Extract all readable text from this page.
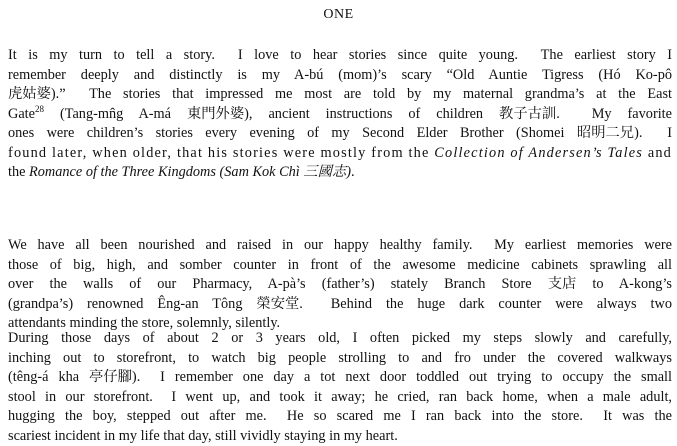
ONE
It is my turn to tell a story.  I love to hear stories since quite young.  The earliest story I
remember deeply and distinctly is my A-bú (mom)’s scary “Old Auntie Tigress (Hó Ko-pô
虎姑婆).”  The stories that impressed me most are told by my maternal grandma’s at the East
Gate$^{28}$ (Tang-mn̂g A-má 東門外婆), ancient instructions of children 教子古訓.  My favorite
ones were children’s stories every evening of my Second Elder Brother (Shomei 昭明二兄).  I
found later, when older, that his stories were mostly from the Collection of Andersen’s Tales and
the Romance of the Three Kingdoms (Sam Kok Chì 三國志).
We have all been nourished and raised in our happy healthy family.  My earliest memories were
those of big, high, and somber counter in front of the awesome medicine cabinets sprawling all
over the walls of our Pharmacy, A-pà’s (father’s) stately Branch Store 支店 to A-kong’s
(grandpa’s) renowned Êng-an Tông 榮安堂.  Behind the huge dark counter were always two
attendants minding the store, solemnly, silently.
During those days of about 2 or 3 years old, I often picked my steps slowly and carefully,
inching out to storefront, to watch big people strolling to and fro under the covered walkways
(têng-á kha 亭仔腳).  I remember one day a tot next door toddled out trying to occupy the small
stool in our storefront.  I went up, and took it away; he cried, ran back home, when a male adult,
hugging the boy, stepped out after me.  He so scared me I ran back into the store.  It was the
scariest incident in my life that day, still vividly staying in my heart.
